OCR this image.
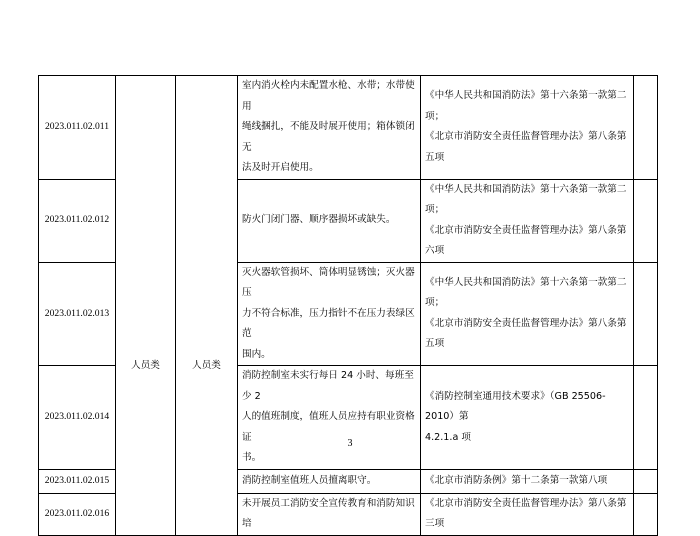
2023.011.02.011	人员类	人员类	室内消火栓内未配置水枪、水带；水带使用
绳线捆扎，不能及时展开使用；箱体锁闭无
法及时开启使用。	《中华人民共和国消防法》第十六条第一款第二项；
《北京市消防安全责任监督管理办法》第八条第五项	

2023.011.02.012			防火门闭门器、顺序器损坏或缺失。	《中华人民共和国消防法》第十六条第一款第二项；
《北京市消防安全责任监督管理办法》第八条第六项	

2023.011.02.013			灭火器软管损坏、筒体明显锈蚀；灭火器压
力不符合标准，压力指针不在压力表绿区范
围内。	《中华人民共和国消防法》第十六条第一款第二项；
《北京市消防安全责任监督管理办法》第八条第五项	

2023.011.02.014			消防控制室未实行每日 24 小时、每班至少 2
人的值班制度，值班人员应持有职业资格证
书。	《消防控制室通用技术要求》（GB 25506-2010）第
4.2.1.a 项	

2023.011.02.015			消防控制室值班人员擅离职守。	《北京市消防条例》第十二条第一款第八项	

2023.011.02.016			未开展员工消防安全宣传教育和消防知识培	《北京市消防安全责任监督管理办法》第八条第三项	

3
